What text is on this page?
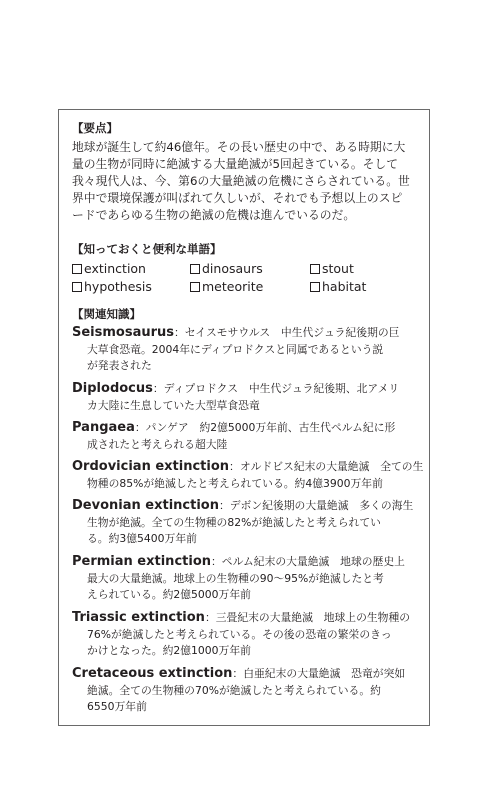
【要点】
地球が誕生して約46億年。その長い歴史の中で、ある時期に大
量の生物が同時に絶滅する大量絶滅が5回起きている。そして
我々現代人は、今、第6の大量絶滅の危機にさらされている。世
界中で環境保護が叫ばれて久しいが、それでも予想以上のスピ
ードであらゆる生物の絶滅の危機は進んでいるのだ。
【知っておくと便利な単語】
extinction	dinosaurs	stout
hypothesis	meteorite	habitat
【関連知識】
Seismosaurus：セイスモサウルス　中生代ジュラ紀後期の巨
大草食恐竜。2004年にディプロドクスと同属であるという説
が発表された
Diplodocus：ディプロドクス　中生代ジュラ紀後期、北アメリ
カ大陸に生息していた大型草食恐竜
Pangaea：パンゲア　約2億5000万年前、古生代ペルム紀に形
成されたと考えられる超大陸
Ordovician extinction：オルドビス紀末の大量絶滅　全ての生
物種の85%が絶滅したと考えられている。約4億3900万年前
Devonian extinction：デボン紀後期の大量絶滅　多くの海生
生物が絶滅。全ての生物種の82%が絶滅したと考えられてい
る。約3億5400万年前
Permian extinction：ペルム紀末の大量絶滅　地球の歴史上
最大の大量絶滅。地球上の生物種の90～95%が絶滅したと考
えられている。約2億5000万年前
Triassic extinction：三畳紀末の大量絶滅　地球上の生物種の
76%が絶滅したと考えられている。その後の恐竜の繁栄のきっ
かけとなった。約2億1000万年前
Cretaceous extinction：白亜紀末の大量絶滅　恐竜が突如
絶滅。全ての生物種の70%が絶滅したと考えられている。約
6550万年前
